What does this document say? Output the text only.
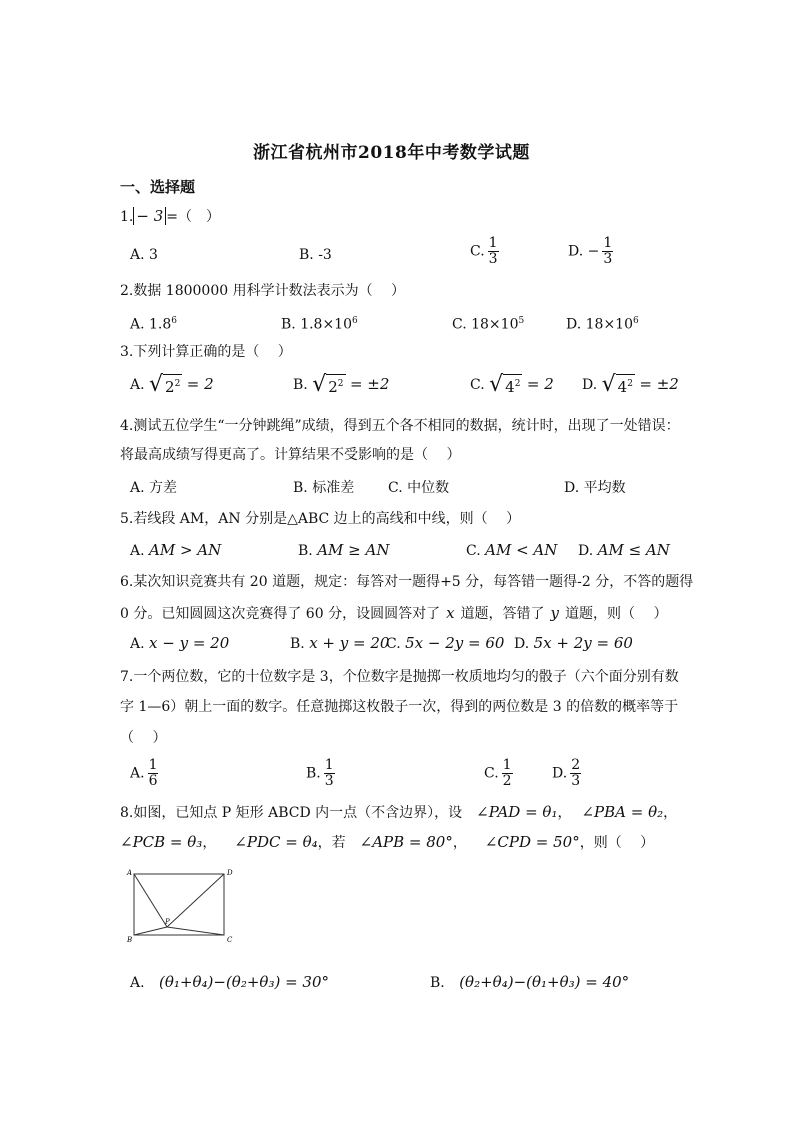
浙江省杭州市2018年中考数学试题
一、选择题
1. − 3 =（　）
A. 3	B. -3	C. $\frac{1}{3}$	D. − $\frac{1}{3}$
2.数据 1800000 用科学计数法表示为（　 ）
A. $1.8^6$	B. $1.8\times 10^6$	C. $18\times 10^5$	D. $18\times 10^6$
3.下列计算正确的是（　 ）
A. √ $2^2 = 2$	B. √ $2^2 = \pm 2$	C. √ $4^2 = 2$ D. √ $4^2 = \pm 2$
4.测试五位学生“一分钟跳绳”成绩，得到五个各不相同的数据，统计时，出现了一处错误：
将最高成绩写得更高了。计算结果不受影响的是（　 ）
A. 方差	B. 标准差 C. 中位数	D. 平均数
5.若线段 AM，AN 分别是△ABC 边上的高线和中线，则（　 ）
A. AM > AN	B. AM ≥ AN	C. AM < AN D. AM ≤ AN
6.某次知识竞赛共有 20 道题，规定：每答对一题得+5 分，每答错一题得-2 分，不答的题得
0 分。已知圆圆这次竞赛得了 60 分，设圆圆答对了 x 道题，答错了 y 道题，则（　 ）
A. x − y = 20	B. x + y = 20
C. 5x − 2y = 60 D. 5x + 2y = 60
7.一个两位数，它的十位数字是 3，个位数字是抛掷一枚质地均匀的骰子（六个面分别有数
字 1—6）朝上一面的数字。任意抛掷这枚骰子一次，得到的两位数是 3 的倍数的概率等于
（　 ）
A. $\frac{1}{6}$	B. $\frac{1}{3}$	C. $\frac{1}{2}$	D. $\frac{2}{3}$
8.如图，已知点 P 矩形 ABCD 内一点（不含边界），设 ∠PAD = θ₁， ∠PBA = θ₂，
∠PCB = θ₃， ∠PDC = θ₄，若 ∠APB = 80°， ∠CPD = 50°，则（　 ）
A	D
B	C
P
A. (θ₁+θ₄)−(θ₂+θ₃) = 30°	B. (θ₂+θ₄)−(θ₁+θ₃) = 40°
